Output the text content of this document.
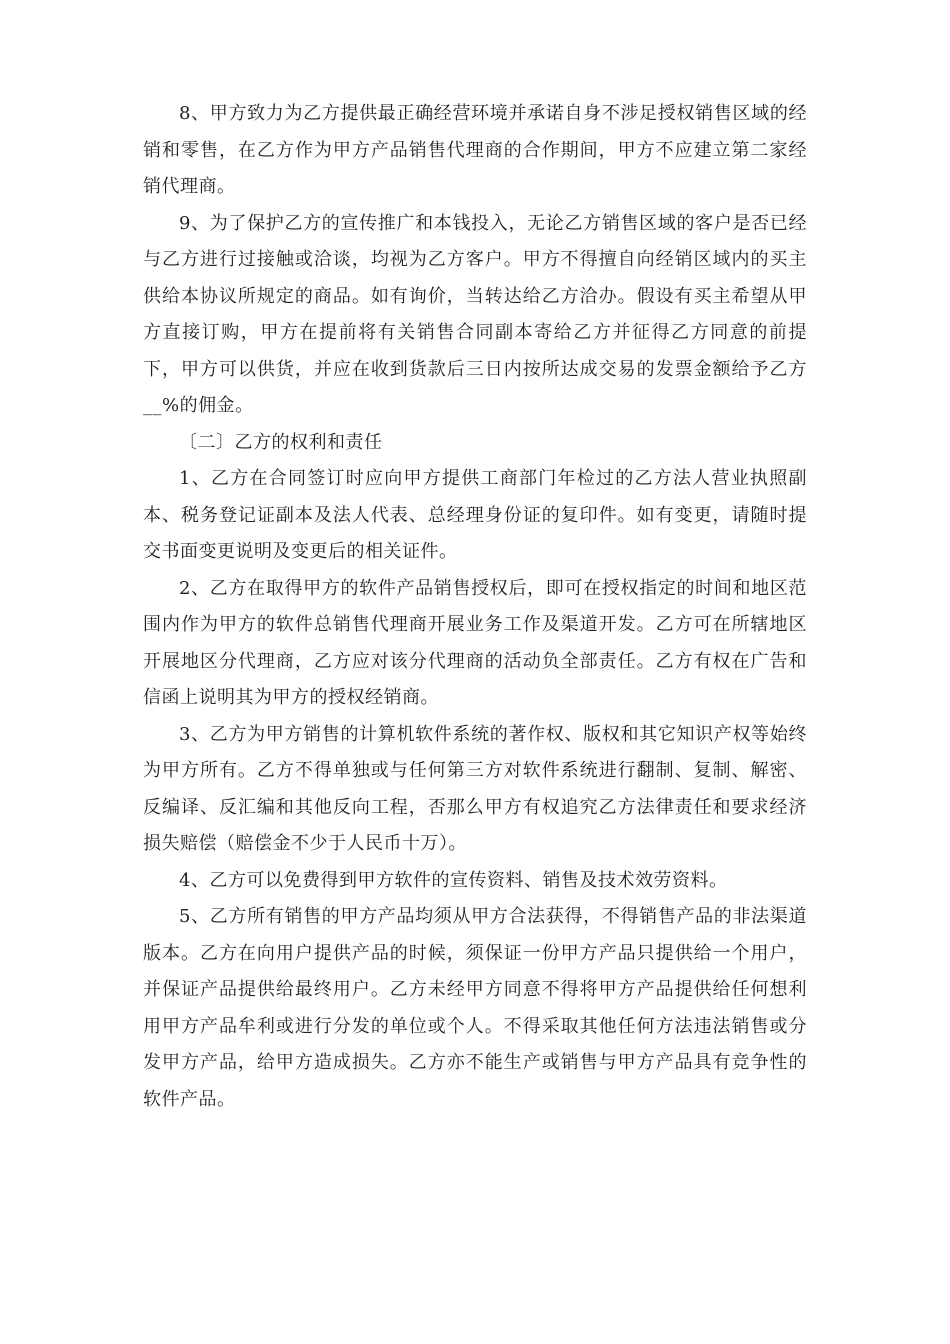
8、甲方致力为乙方提供最正确经营环境并承诺自身不涉足授权销售区域的经销和零售，在乙方作为甲方产品销售代理商的合作期间，甲方不应建立第二家经销代理商。

9、为了保护乙方的宣传推广和本钱投入，无论乙方销售区域的客户是否已经与乙方进行过接触或洽谈，均视为乙方客户。甲方不得擅自向经销区域内的买主供给本协议所规定的商品。如有询价，当转达给乙方洽办。假设有买主希望从甲方直接订购，甲方在提前将有关销售合同副本寄给乙方并征得乙方同意的前提下，甲方可以供货，并应在收到货款后三日内按所达成交易的发票金额给予乙方__%的佣金。

〔二〕乙方的权利和责任

1、乙方在合同签订时应向甲方提供工商部门年检过的乙方法人营业执照副本、税务登记证副本及法人代表、总经理身份证的复印件。如有变更，请随时提交书面变更说明及变更后的相关证件。

2、乙方在取得甲方的软件产品销售授权后，即可在授权指定的时间和地区范围内作为甲方的软件总销售代理商开展业务工作及渠道开发。乙方可在所辖地区开展地区分代理商，乙方应对该分代理商的活动负全部责任。乙方有权在广告和信函上说明其为甲方的授权经销商。

3、乙方为甲方销售的计算机软件系统的著作权、版权和其它知识产权等始终为甲方所有。乙方不得单独或与任何第三方对软件系统进行翻制、复制、解密、反编译、反汇编和其他反向工程，否那么甲方有权追究乙方法律责任和要求经济损失赔偿（赔偿金不少于人民币十万）。

4、乙方可以免费得到甲方软件的宣传资料、销售及技术效劳资料。

5、乙方所有销售的甲方产品均须从甲方合法获得，不得销售产品的非法渠道版本。乙方在向用户提供产品的时候，须保证一份甲方产品只提供给一个用户，并保证产品提供给最终用户。乙方未经甲方同意不得将甲方产品提供给任何想利用甲方产品牟利或进行分发的单位或个人。不得采取其他任何方法违法销售或分发甲方产品，给甲方造成损失。乙方亦不能生产或销售与甲方产品具有竞争性的软件产品。
